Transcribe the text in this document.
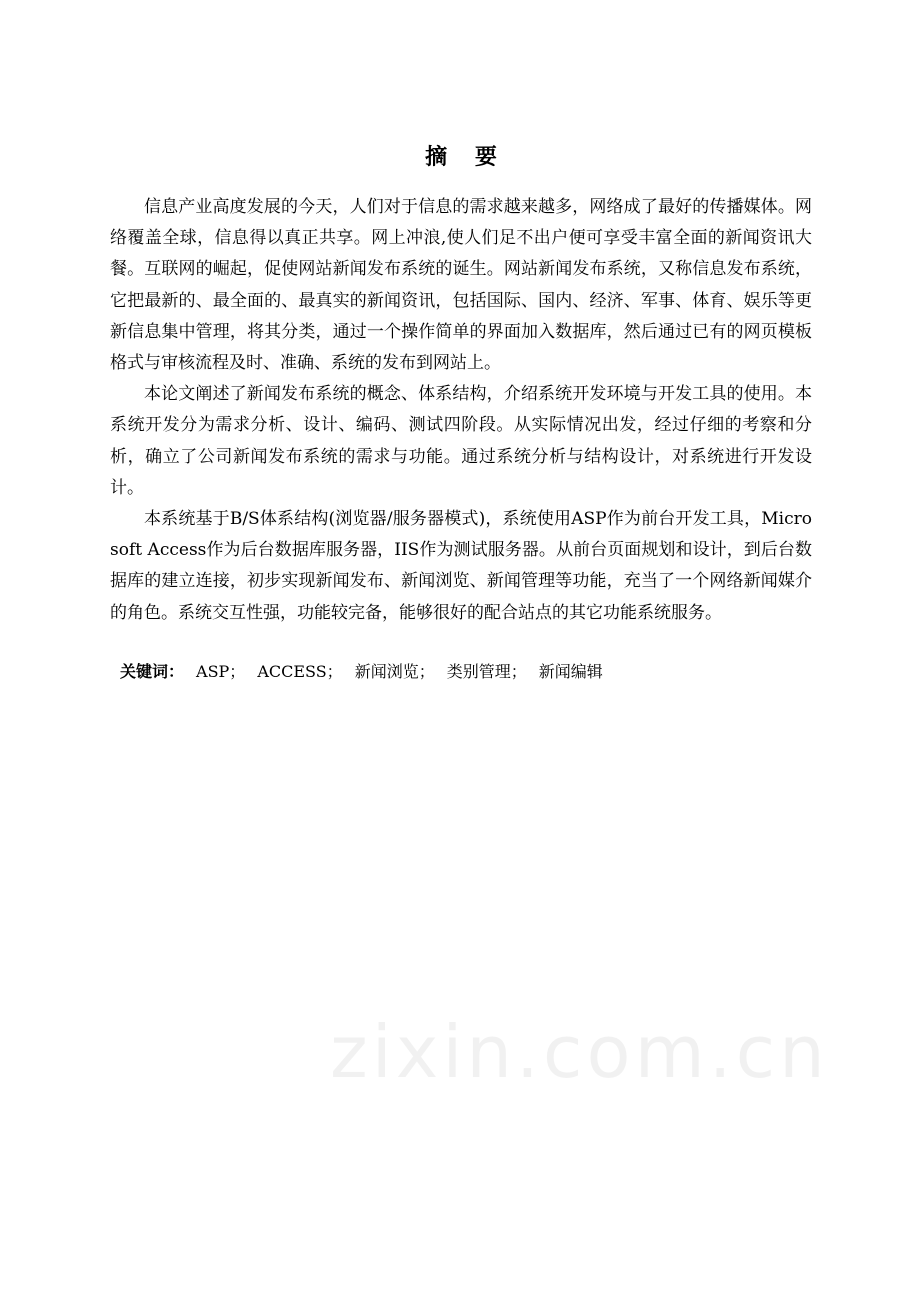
摘 要

信息产业高度发展的今天，人们对于信息的需求越来越多，网络成了最好的传播媒体。网络覆盖全球，信息得以真正共享。网上冲浪,使人们足不出户便可享受丰富全面的新闻资讯大餐。互联网的崛起，促使网站新闻发布系统的诞生。网站新闻发布系统，又称信息发布系统，它把最新的、最全面的、最真实的新闻资讯，包括国际、国内、经济、军事、体育、娱乐等更新信息集中管理，将其分类，通过一个操作简单的界面加入数据库，然后通过已有的网页模板格式与审核流程及时、准确、系统的发布到网站上。

本论文阐述了新闻发布系统的概念、体系结构，介绍系统开发环境与开发工具的使用。本系统开发分为需求分析、设计、编码、测试四阶段。从实际情况出发，经过仔细的考察和分析，确立了公司新闻发布系统的需求与功能。通过系统分析与结构设计，对系统进行开发设计。

本系统基于B/S体系结构(浏览器/服务器模式)，系统使用ASP作为前台开发工具，Microsoft Access作为后台数据库服务器，IIS作为测试服务器。从前台页面规划和设计，到后台数据库的建立连接，初步实现新闻发布、新闻浏览、新闻管理等功能，充当了一个网络新闻媒介的角色。系统交互性强，功能较完备，能够很好的配合站点的其它功能系统服务。

关键词： ASP； ACCESS； 新闻浏览； 类别管理； 新闻编辑
zixin.com.cn
